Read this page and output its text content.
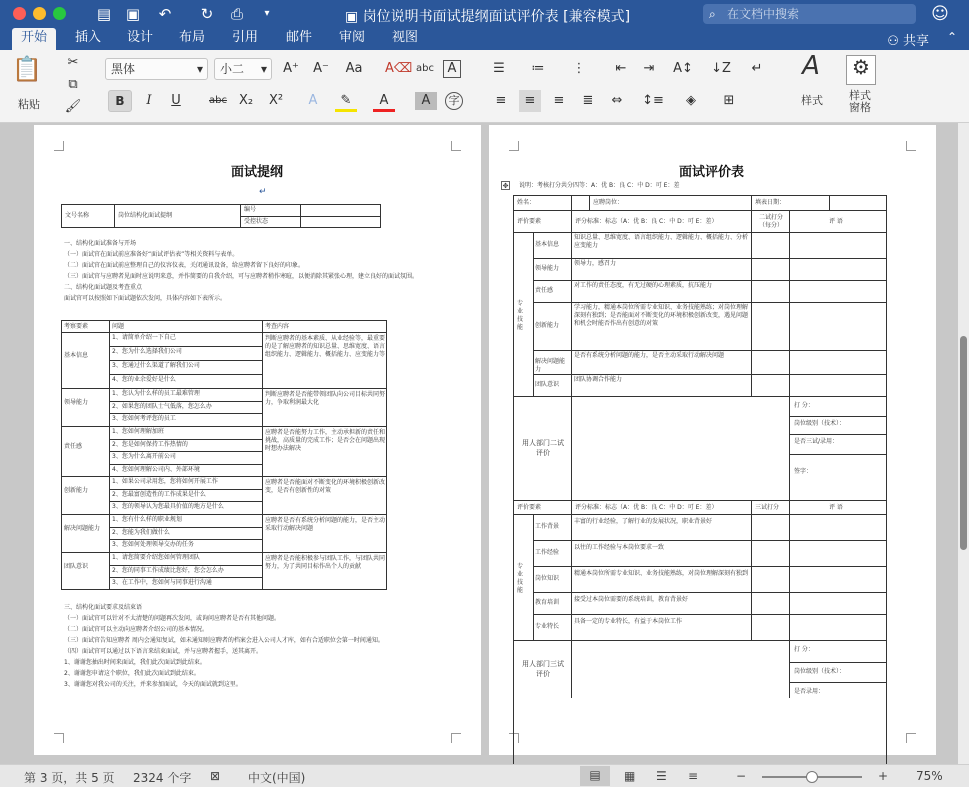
▤ ▣ ↶ ↻ ⎙	▾	▣ 岗位说明书面试提纲面试评价表 [兼容模式]	⌕ 在文档中搜索	☺
开始	插入	设计	布局	引用	邮件	审阅	视图	⚇ 共享 ⌃
📋
粘贴
✂
⧉
🖌
黑体	▾	小二 ▾ A⁺ A⁻ Aa A⌫ abc	A
B	I	U	abc X₂	X²	A	✎	A	A	字
☰	≔	⋮	⇤	⇥	A↕ ↓Z	↵
≡	≡	≡	≣	⇔	↕≡	◈	⊞
A
样式
⚙
样式
窗格
面试提纲
↵
文号名称	岗位结构化面试提纲
编号
受控状态
一、结构化面试准备与开场
（一）面试官在面试前应准备好“面试评估表”等相关资料与表单。
（二）面试官在面试前应整理自己的仪容仪表，关闭通讯设备，给应聘者留下良好的印象。
（三）面试官与应聘者见面时应说明来意，并作简要的自我介绍，可与应聘者稍作寒暄，以便消除其紧张心理，建立良好的面试氛围。
二、结构化面试题及考查重点
面试官可以按照如下面试题依次发问，具体内容如下表所示。
考察要素	问题	考查内容
基本信息
1、请简单介绍一下自己
2、您为什么选择我们公司
3、您通过什么渠道了解我们公司
4、您的业余爱好是什么
判断应聘者的基本素质、从业经验等，最重要的是了解应聘者的知识总量、思维宽度、语言组织能力、逻辑能力、概括能力、应变能力等
领导能力
1、您认为什么样的员工最难管理
2、如果您的团队士气低落，您怎么办
3、您如何考评您的员工
判断应聘者是否能带领团队向公司目标共同努力，争取利润最大化
责任感
1、您如何理解加班
2、您是如何保持工作热情的
3、您为什么离开前公司
4、您如何理解公司内、外部环境
应聘者是否能努力工作，主动承担新的责任和挑战，高质量的完成工作；是否会在问题出现时想办法解决
创新能力
1、如果公司录用您，您将如何开展工作
2、您最富创造性的工作成果是什么
3、您的领导认为您最具价值的地方是什么
应聘者是否能面对不断变化的环境积极创新改变，是否有创新性的对策
解决问题能力
1、您有什么样的职业规划
2、您能为我们做什么
3、您如何处理领导交办的任务
应聘者是否有系统分析问题的能力，是否主动采取行动解决问题
团队意识
1、请您简要介绍您如何管理团队
2、您的同事工作成绩比您好，您会怎么办
3、在工作中，您如何与同事进行沟通
应聘者是否能积极参与团队工作，与团队共同努力，为了共同目标作出个人的贡献
三、结构化面试要求及结束语
（一）面试官可以针对不太清楚的问题再次发问，或询问应聘者是否有其他问题。
（二）面试官可以主动向应聘者介绍公司的基本情况。
（三）面试官告知应聘者 周内会通知复试，如未通知则应聘者的档案会进入公司人才库，如有合适职位会第一时间通知。
（四）面试官可以通过以下语言来结束面试，并与应聘者握手，送其离开。
1、谢谢您抽出时间来面试，我们此次面试到此结束。
2、谢谢您申请这个职位，我们此次面试到此结束。
3、谢谢您对我公司的关注，并来参加面试，今天的面试就到这里。
面试评价表
✥ 说明：考核打分共分四等：A：优 B：良 C：中 D：可 E：差
姓名：	应聘岗位：	填表日期：
评价要素	评分标准：标志（A：优 B：良 C：中 D：可 E：差）
二试打分（每分）
评 语
专业技能
基本信息
知识总量、思维宽度、语言组织能力、逻辑能力、概括能力、分析应变能力
领导能力
领导力，感召力
责任感
对工作的责任态度，有无过硬的心理素质，抗压能力
创新能力
学习能力，精通本岗位所需专业知识、业务技能熟练；对岗位理解深刻有独到；是否能面对不断变化的环境积极创新改变，遇见问题和机会时能否作出有创意的对策
解决问题能力
是否有系统分析问题的能力，是否主动采取行动解决问题
团队意识
团队协调合作能力
用人部门二试评价
打 分：
岗位级别（技术）：
是否三试/录用：
签字：
评价要素	评分标准：标志（A：优 B：良 C：中 D：可 E：差）	三试打分	评 语
专业技能
工作背景
丰富的行业经验，了解行业的发展状况，职业背景好
工作经验
以往的工作经验与本岗位要求一致
岗位知识
精通本岗位所需专业知识、业务技能熟练，对岗位理解深刻有独到
教育培训 接受过本岗位需要的系统培训，教育背景好
专业特长
具备一定的专业特长，有益于本岗位工作
用人部门三试评价
打 分：
岗位级别（技术）：
是否录用：
第 3 页，共 5 页 2324 个字 ⊠ 中文(中国)	▤	▦ ☰ ≡	−	+ 75%
